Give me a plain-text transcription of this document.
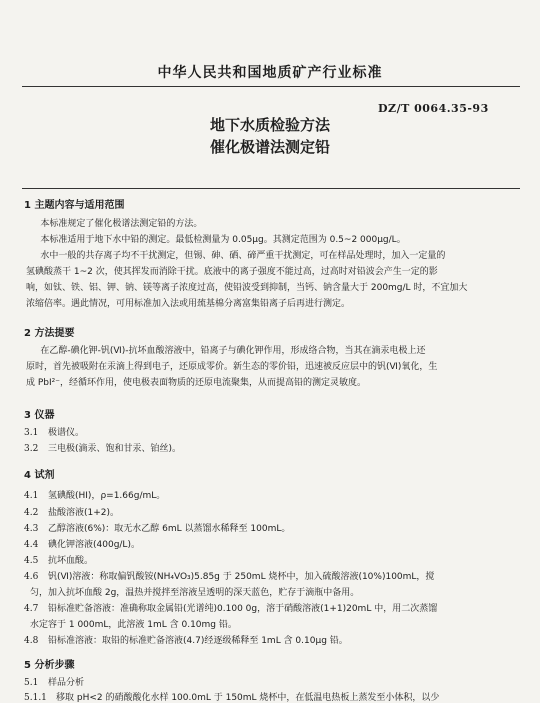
中华人民共和国地质矿产行业标准
DZ/T 0064.35-93
地下水质检验方法
催化极谱法测定铅
1 主题内容与适用范围
本标准规定了催化极谱法测定铅的方法。
本标准适用于地下水中铅的测定。最低检测量为 0.05μg。其测定范围为 0.5~2 000μg/L。
水中一般的共存离子均不干扰测定，但锡、砷、硒、碲严重干扰测定，可在样品处理时，加入一定量的
氢碘酸蒸干 1~2 次，使其挥发而消除干扰。底液中的离子强度不能过高，过高时对铅波会产生一定的影
响，如钛、铁、铝、钾、钠、镁等离子浓度过高，使铅波受到抑制，当钙、钠含量大于 200mg/L 时，不宜加大
浓缩倍率。遇此情况，可用标准加入法或用巯基棉分离富集铅离子后再进行测定。
2 方法提要
在乙醇-碘化钾-钒(Ⅵ)-抗坏血酸溶液中，铅离子与碘化钾作用，形成络合物，当其在滴汞电极上还
原时，首先被吸附在汞滴上得到电子，还原成零价。新生态的零价铅，迅速被反应层中的钒(Ⅵ)氧化，生
成 PbI²⁻，经循环作用，使电极表面物质的还原电流聚集，从而提高铅的测定灵敏度。
3 仪器
3.1 极谱仪。
3.2 三电极(滴汞、饱和甘汞、铂丝)。
4 试剂
4.1 氢碘酸(HI)，ρ=1.66g/mL。
4.2 盐酸溶液(1+2)。
4.3 乙醇溶液(6%)：取无水乙醇 6mL 以蒸馏水稀释至 100mL。
4.4 碘化钾溶液(400g/L)。
4.5 抗坏血酸。
4.6 钒(Ⅵ)溶液：称取偏钒酸铵(NH₄VO₃)5.85g 于 250mL 烧杯中，加入硫酸溶液(10%)100mL，搅
匀，加入抗坏血酸 2g，温热并搅拌至溶液呈透明的深天蓝色，贮存于滴瓶中备用。
4.7 铅标准贮备溶液：准确称取金属铅(光谱纯)0.100 0g，溶于硝酸溶液(1+1)20mL 中，用二次蒸馏
水定容于 1 000mL，此溶液 1mL 含 0.10mg 铅。
4.8 铅标准溶液：取铅的标准贮备溶液(4.7)经逐级稀释至 1mL 含 0.10μg 铅。
5 分析步骤
5.1 样品分析
5.1.1 移取 pH<2 的硝酸酸化水样 100.0mL 于 150mL 烧杯中，在低温电热板上蒸发至小体积，以少
